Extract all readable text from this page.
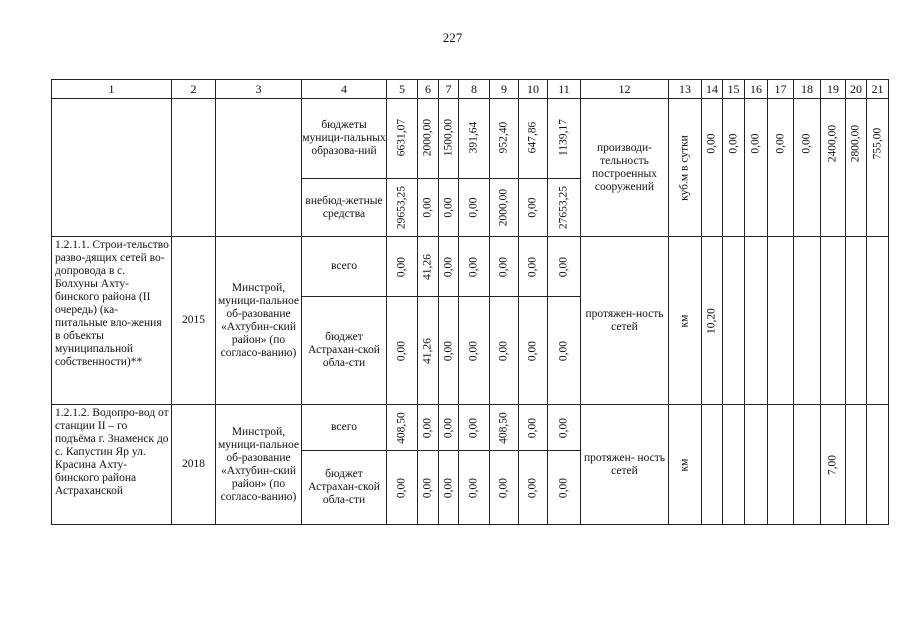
227
1	2	3	4	5	6	7	8	9	10	11	12	13	14	15	16	17	18	19	20	21
			бюджеты муници-пальных образова-ний	6631,07	2000,00	1500,00	391,64	952,40	647,86	1139,17	производи-тельность построенных сооружений	куб.м в сутки	0,00	0,00	0,00	0,00	0,00	2400,00	2800,00	755,00

			внебюд-жетные средства	29653,25	0,00	0,00	0,00	2000,00	0,00	27653,25										

1.2.1.1. Строи-тельство разво-дящих сетей во-допровода в с. Болхуны Ахту-бинского района (II очередь) (ка-питальные вло-жения в объекты муниципальной собственности)**	2015	Минстрой, муници-пальное об-разование «Ахтубин-ский район» (по согласо-ванию)	всего	0,00	41,26	0,00	0,00	0,00	0,00	0,00	протяжен-ность сетей	км	10,20							

			бюджет Астрахан-ской обла-сти	0,00	41,26	0,00	0,00	0,00	0,00	0,00										

1.2.1.2. Водопро-вод от станции II – го подъёма г. Знаменск до с. Капустин Яр ул. Красина Ахту-бинского района Астраханской	2018	Минстрой, муници-пальное об-разование «Ахтубин-ский район» (по согласо-ванию)	всего	408,50	0,00	0,00	0,00	408,50	0,00	0,00	протяжен- ность сетей	км						7,00		

			бюджет Астрахан-ской обла-сти	0,00	0,00	0,00	0,00	0,00	0,00	0,00										
